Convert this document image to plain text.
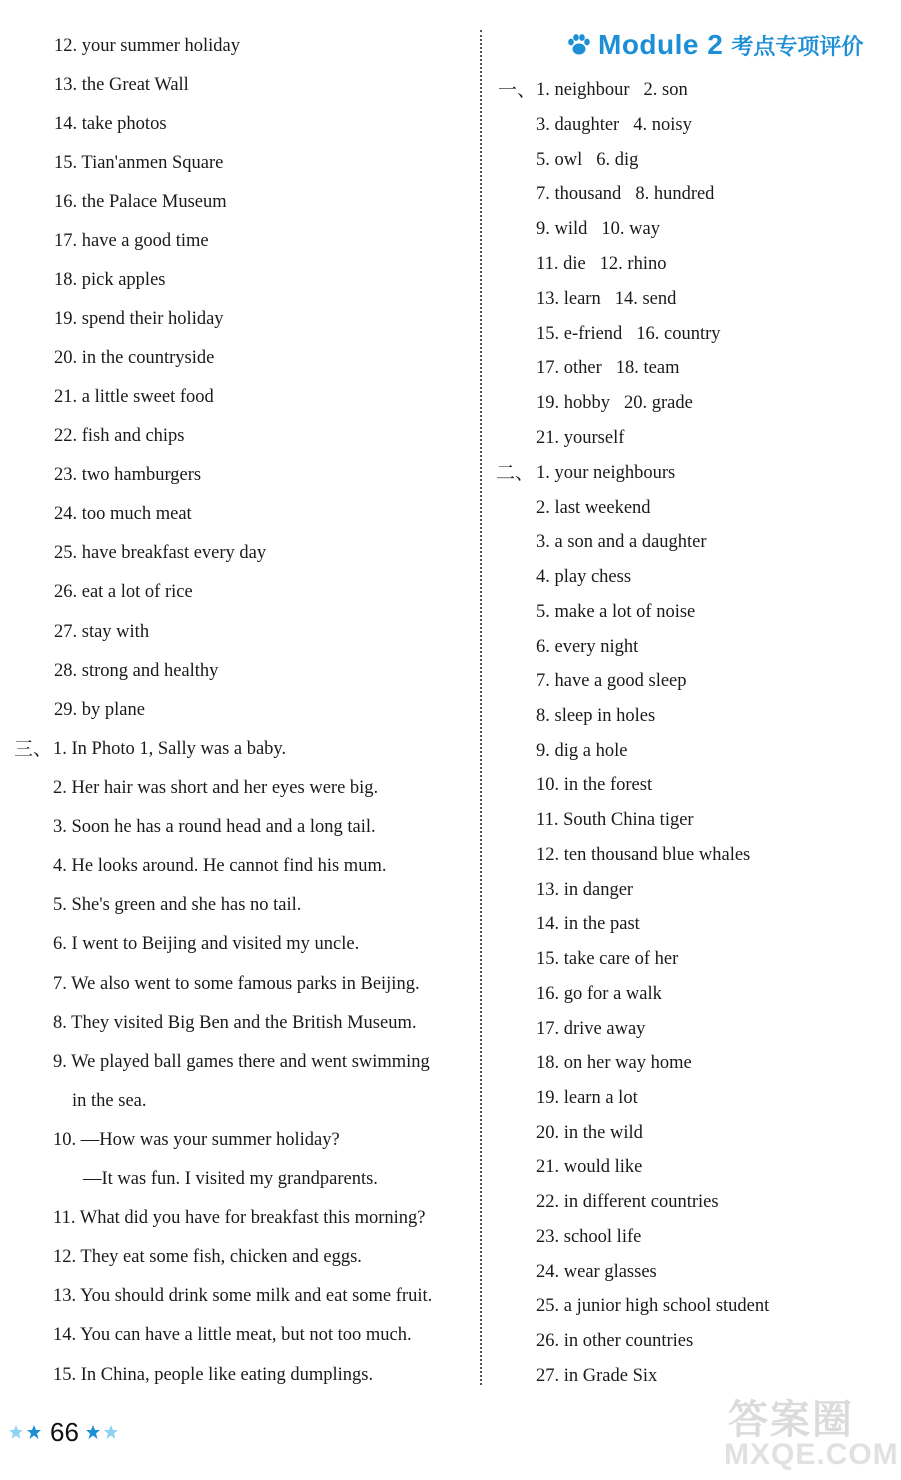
Module 2 考点专项评价
12. your summer holiday
13. the Great Wall
14. take photos
15. Tian'anmen Square
16. the Palace Museum
17. have a good time
18. pick apples
19. spend their holiday
20. in the countryside
21. a little sweet food
22. fish and chips
23. two hamburgers
24. too much meat
25. have breakfast every day
26. eat a lot of rice
27. stay with
28. strong and healthy
29. by plane
三、 1. In Photo 1, Sally was a baby.
2. Her hair was short and her eyes were big.
3. Soon he has a round head and a long tail.
4. He looks around. He cannot find his mum.
5. She's green and she has no tail.
6. I went to Beijing and visited my uncle.
7. We also went to some famous parks in Beijing.
8. They visited Big Ben and the British Museum.
9. We played ball games there and went swimming
in the sea.
10. —How was your summer holiday?
—It was fun. I visited my grandparents.
11. What did you have for breakfast this morning?
12. They eat some fish, chicken and eggs.
13. You should drink some milk and eat some fruit.
14. You can have a little meat, but not too much.
15. In China, people like eating dumplings.
一、 1. neighbour 2. son
3. daughter 4. noisy
5. owl 6. dig
7. thousand 8. hundred
9. wild 10. way
11. die 12. rhino
13. learn 14. send
15. e-friend 16. country
17. other 18. team
19. hobby 20. grade
21. yourself
二、 1. your neighbours
2. last weekend
3. a son and a daughter
4. play chess
5. make a lot of noise
6. every night
7. have a good sleep
8. sleep in holes
9. dig a hole
10. in the forest
11. South China tiger
12. ten thousand blue whales
13. in danger
14. in the past
15. take care of her
16. go for a walk
17. drive away
18. on her way home
19. learn a lot
20. in the wild
21. would like
22. in different countries
23. school life
24. wear glasses
25. a junior high school student
26. in other countries
27. in Grade Six
66	答案圈
MXQE.COM
